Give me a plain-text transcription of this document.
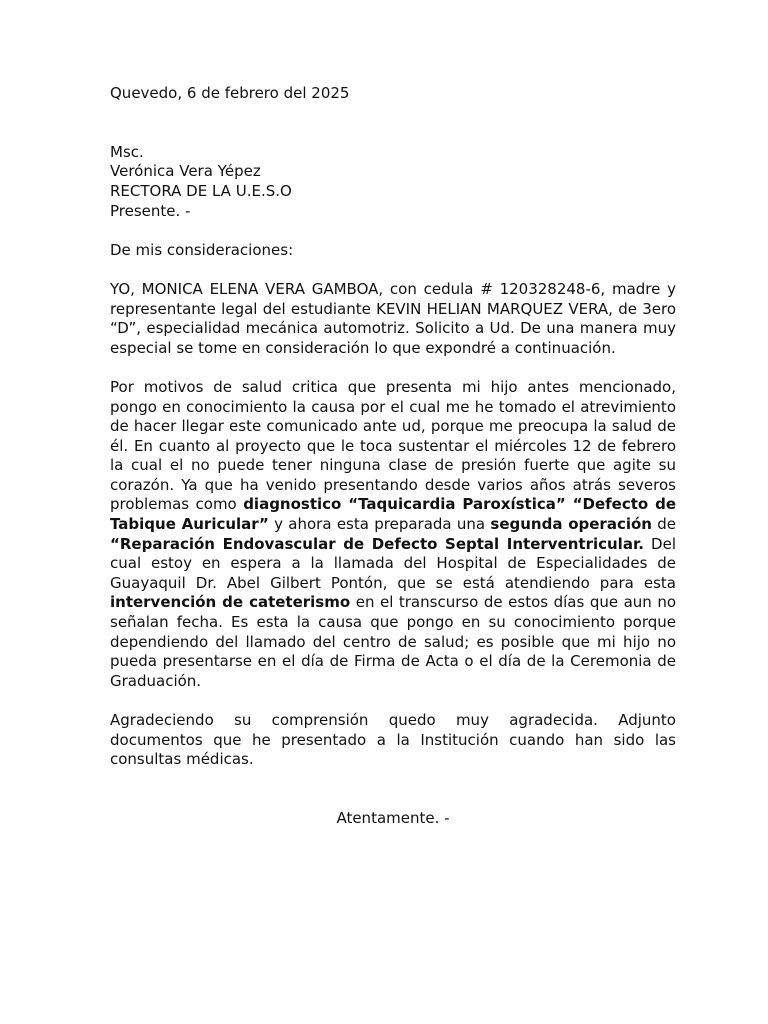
Quevedo, 6 de febrero del 2025

Msc.

Verónica Vera Yépez

RECTORA DE LA U.E.S.O

Presente. -

De mis consideraciones:

YO, MONICA ELENA VERA GAMBOA, con cedula # 120328248-6, madre y representante legal del estudiante KEVIN HELIAN MARQUEZ VERA, de 3ero “D”, especialidad mecánica automotriz. Solicito a Ud. De una manera muy especial se tome en consideración lo que expondré a continuación.

Por motivos de salud critica que presenta mi hijo antes mencionado, pongo en conocimiento la causa por el cual me he tomado el atrevimiento de hacer llegar este comunicado ante ud, porque me preocupa la salud de él. En cuanto al proyecto que le toca sustentar el miércoles 12 de febrero la cual el no puede tener ninguna clase de presión fuerte que agite su corazón. Ya que ha venido presentando desde varios años atrás severos problemas como diagnostico “Taquicardia Paroxística” “Defecto de Tabique Auricular” y ahora esta preparada una segunda operación de “Reparación Endovascular de Defecto Septal Interventricular. Del cual estoy en espera a la llamada del Hospital de Especialidades de Guayaquil Dr. Abel Gilbert Pontón, que se está atendiendo para esta intervención de cateterismo en el transcurso de estos días que aun no señalan fecha. Es esta la causa que pongo en su conocimiento porque dependiendo del llamado del centro de salud; es posible que mi hijo no pueda presentarse en el día de Firma de Acta o el día de la Ceremonia de Graduación.

Agradeciendo su comprensión quedo muy agradecida. Adjunto documentos que he presentado a la Institución cuando han sido las consultas médicas.

Atentamente. -
